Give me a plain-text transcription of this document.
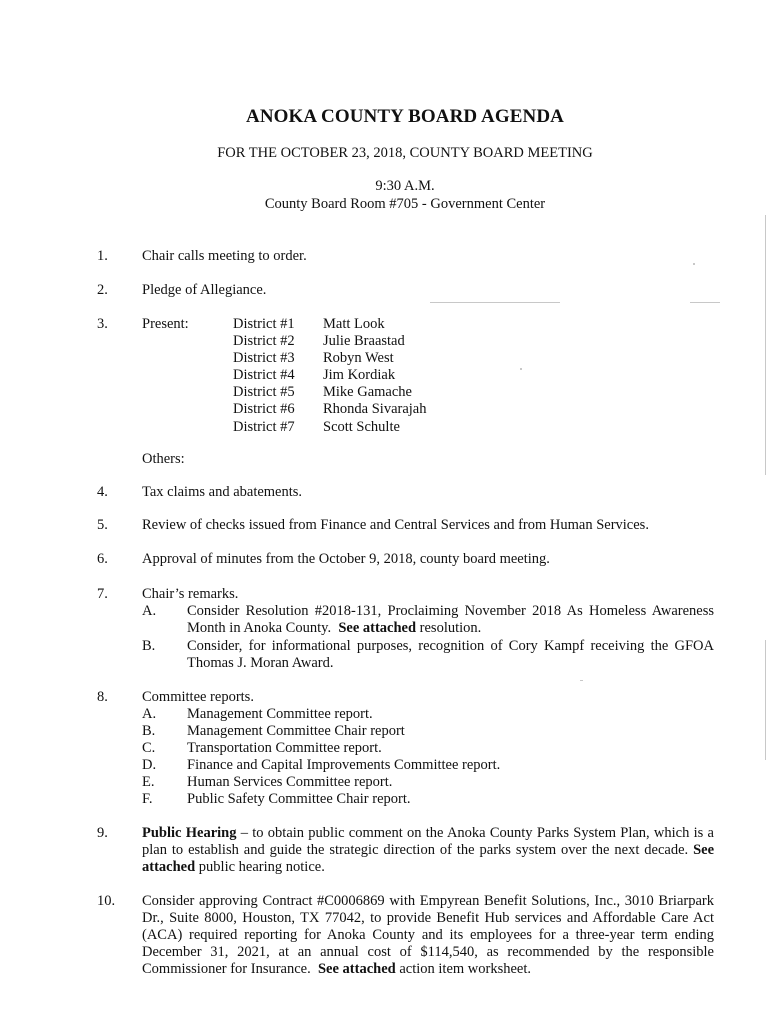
ANOKA COUNTY BOARD AGENDA
FOR THE OCTOBER 23, 2018, COUNTY BOARD MEETING
9:30 A.M.
County Board Room #705 - Government Center
1. Chair calls meeting to order.
2. Pledge of Allegiance.
3. Present:	District #1 Matt Look
District #2 Julie Braastad
District #3 Robyn West
District #4 Jim Kordiak
District #5 Mike Gamache
District #6 Rhonda Sivarajah
District #7 Scott Schulte
Others:
4. Tax claims and abatements.
5. Review of checks issued from Finance and Central Services and from Human Services.
6. Approval of minutes from the October 9, 2018, county board meeting.
7. Chair’s remarks.
A. Consider Resolution #2018-131, Proclaiming November 2018 As Homeless Awareness
Month in Anoka County. See attached resolution.
B. Consider, for informational purposes, recognition of Cory Kampf receiving the GFOA
Thomas J. Moran Award.
8. Committee reports.
A. Management Committee report.
B. Management Committee Chair report
C. Transportation Committee report.
D. Finance and Capital Improvements Committee report.
E. Human Services Committee report.
F. Public Safety Committee Chair report.
9. Public Hearing – to obtain public comment on the Anoka County Parks System Plan, which is a
plan to establish and guide the strategic direction of the parks system over the next decade. See
attached public hearing notice.
10. Consider approving Contract #C0006869 with Empyrean Benefit Solutions, Inc., 3010 Briarpark
Dr., Suite 8000, Houston, TX 77042, to provide Benefit Hub services and Affordable Care Act
(ACA) required reporting for Anoka County and its employees for a three-year term ending
December 31, 2021, at an annual cost of $114,540, as recommended by the responsible
Commissioner for Insurance. See attached action item worksheet.
